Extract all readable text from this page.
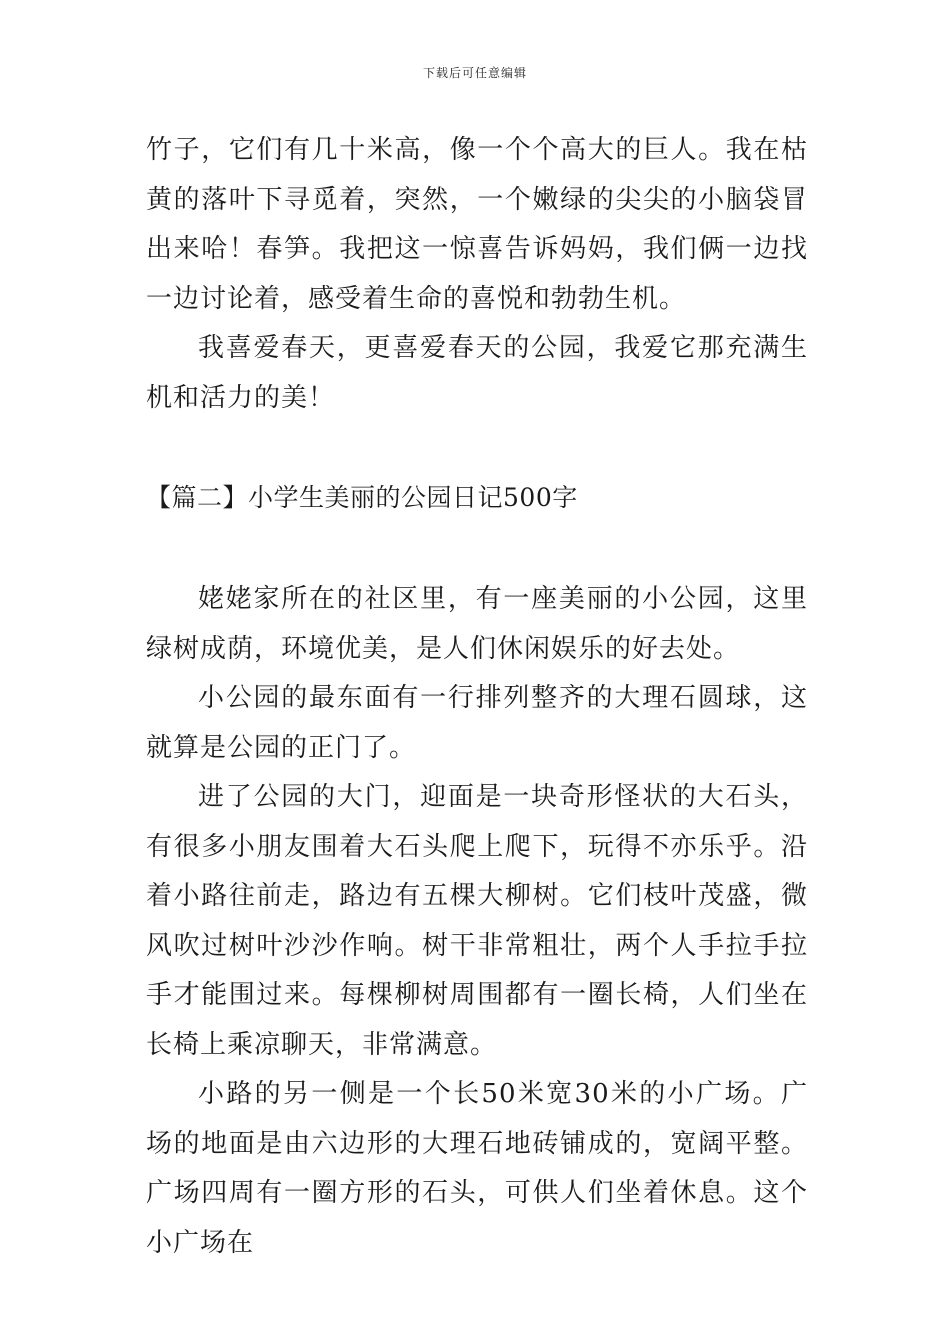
下载后可任意编辑

竹子，它们有几十米高，像一个个高大的巨人。我在枯黄的落叶下寻觅着，突然，一个嫩绿的尖尖的小脑袋冒出来哈！春笋。我把这一惊喜告诉妈妈，我们俩一边找一边讨论着，感受着生命的喜悦和勃勃生机。

我喜爱春天，更喜爱春天的公园，我爱它那充满生机和活力的美！

【篇二】小学生美丽的公园日记500字

姥姥家所在的社区里，有一座美丽的小公园，这里绿树成荫，环境优美，是人们休闲娱乐的好去处。

小公园的最东面有一行排列整齐的大理石圆球，这就算是公园的正门了。

进了公园的大门，迎面是一块奇形怪状的大石头，有很多小朋友围着大石头爬上爬下，玩得不亦乐乎。沿着小路往前走，路边有五棵大柳树。它们枝叶茂盛，微风吹过树叶沙沙作响。树干非常粗壮，两个人手拉手拉手才能围过来。每棵柳树周围都有一圈长椅，人们坐在长椅上乘凉聊天，非常满意。

小路的另一侧是一个长50米宽30米的小广场。广场的地面是由六边形的大理石地砖铺成的，宽阔平整。广场四周有一圈方形的石头，可供人们坐着休息。这个小广场在
